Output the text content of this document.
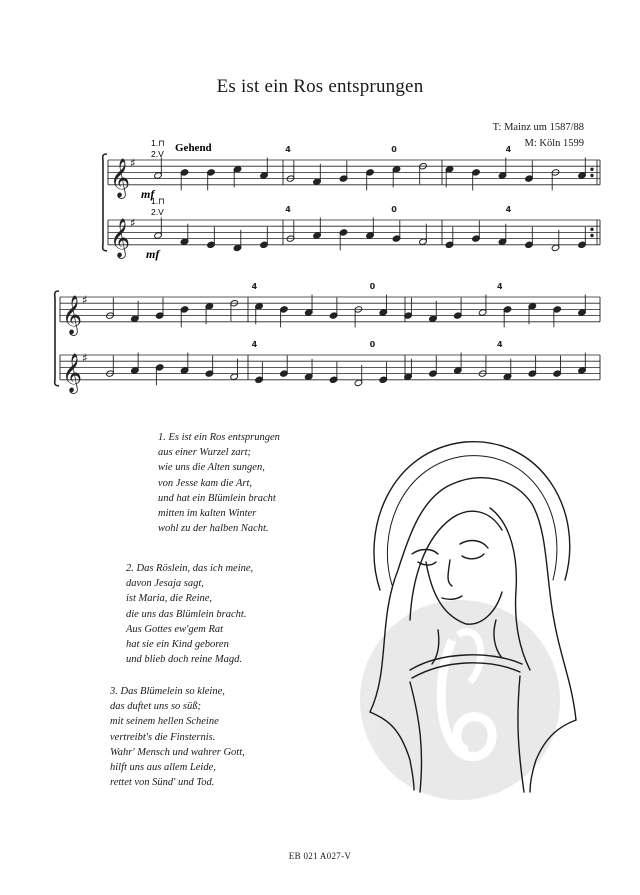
Es ist ein Ros entsprungen
T: Mainz um 1587/88
M: Köln 1599
𝄞 ♯
𝄞 ♯
𝄞 ♯
𝄞 ♯
4	0	4
4	0	4
4	0	4
4	0	4
Gehend
1.⊓
2.V
1.⊓
2.V
mf
mf
1. Es ist ein Ros entsprungen
aus einer Wurzel zart;
wie uns die Alten sungen,
von Jesse kam die Art,
und hat ein Blümlein bracht
mitten im kalten Winter
wohl zu der halben Nacht.
2. Das Röslein, das ich meine,
davon Jesaja sagt,
ist Maria, die Reine,
die uns das Blümlein bracht.
Aus Gottes ew'gem Rat
hat sie ein Kind geboren
und blieb doch reine Magd.
3. Das Blümelein so kleine,
das duftet uns so süß;
mit seinem hellen Scheine
vertreibt's die Finsternis.
Wahr' Mensch und wahrer Gott,
hilft uns aus allem Leide,
rettet von Sünd' und Tod.
EB 021 A027-V
